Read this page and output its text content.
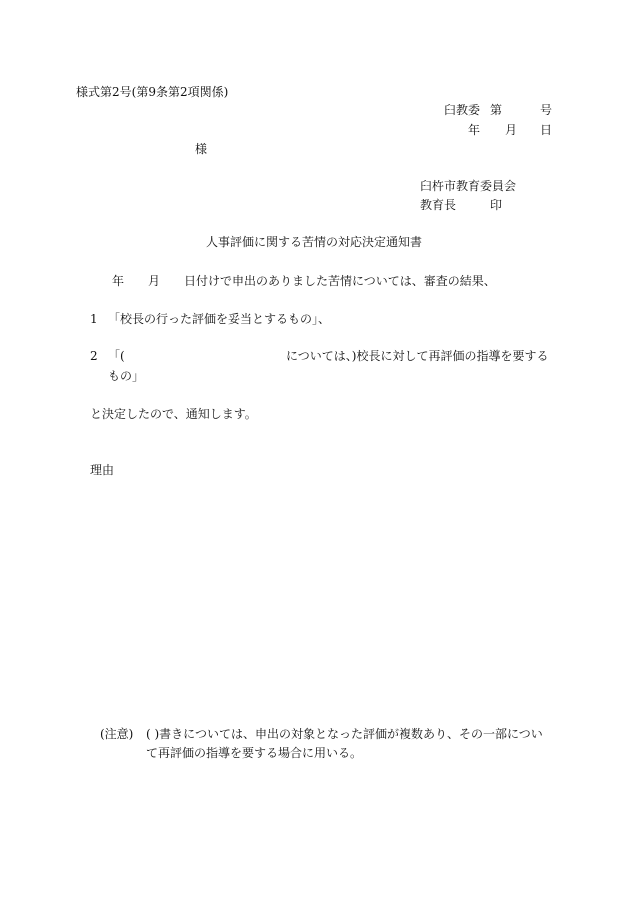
様式第2号(第9条第2項関係)
臼教委 第	号
年 月 日
様
臼杵市教育委員会
教育長	印
人事評価に関する苦情の対応決定通知書
年 月 日付けで申出のありました苦情については、審査の結果、
1 「校長の行った評価を妥当とするもの」、
2 「(	については、)校長に対して再評価の指導を要する
もの」
と決定したので、通知します。
理由
(注意) ( )書きについては、申出の対象となった評価が複数あり、その一部につい
て再評価の指導を要する場合に用いる。
